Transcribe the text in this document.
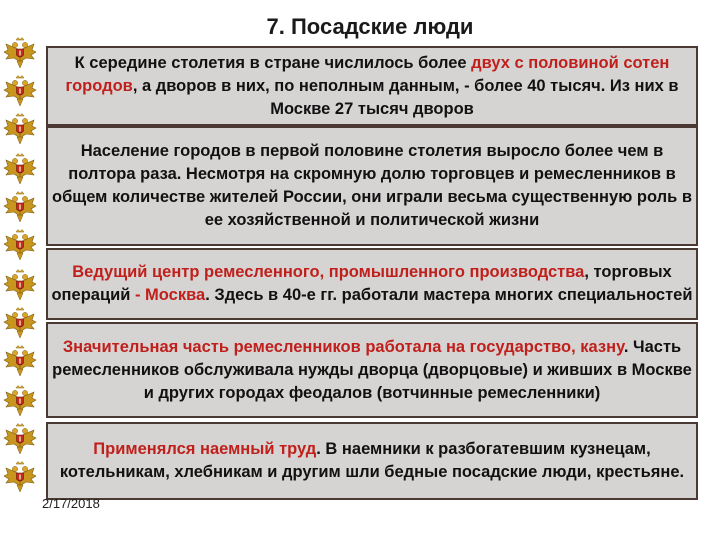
7. Посадские люди

К середине столетия в стране числилось более двух с половиной сотен городов, а дворов в них, по неполным данным, - более 40 тысяч. Из них в Москве 27 тысяч дворов

Население городов в первой половине столетия выросло более чем в полтора раза. Несмотря на скромную долю торговцев и ремесленников в общем количестве жителей России, они играли весьма существенную роль в ее хозяйственной и политической жизни

Ведущий центр ремесленного, промышленного производства, торговых операций - Москва. Здесь в 40-е гг. работали мастера многих специальностей

Значительная часть ремесленников работала на государство, казну. Часть ремесленников обслуживала нужды дворца (дворцовые) и живших в Москве и других городах феодалов (вотчинные ремесленники)

Применялся наемный труд. В наемники к разбогатевшим кузнецам, котельникам, хлебникам и другим шли бедные посадские люди, крестьяне.

2/17/2018
